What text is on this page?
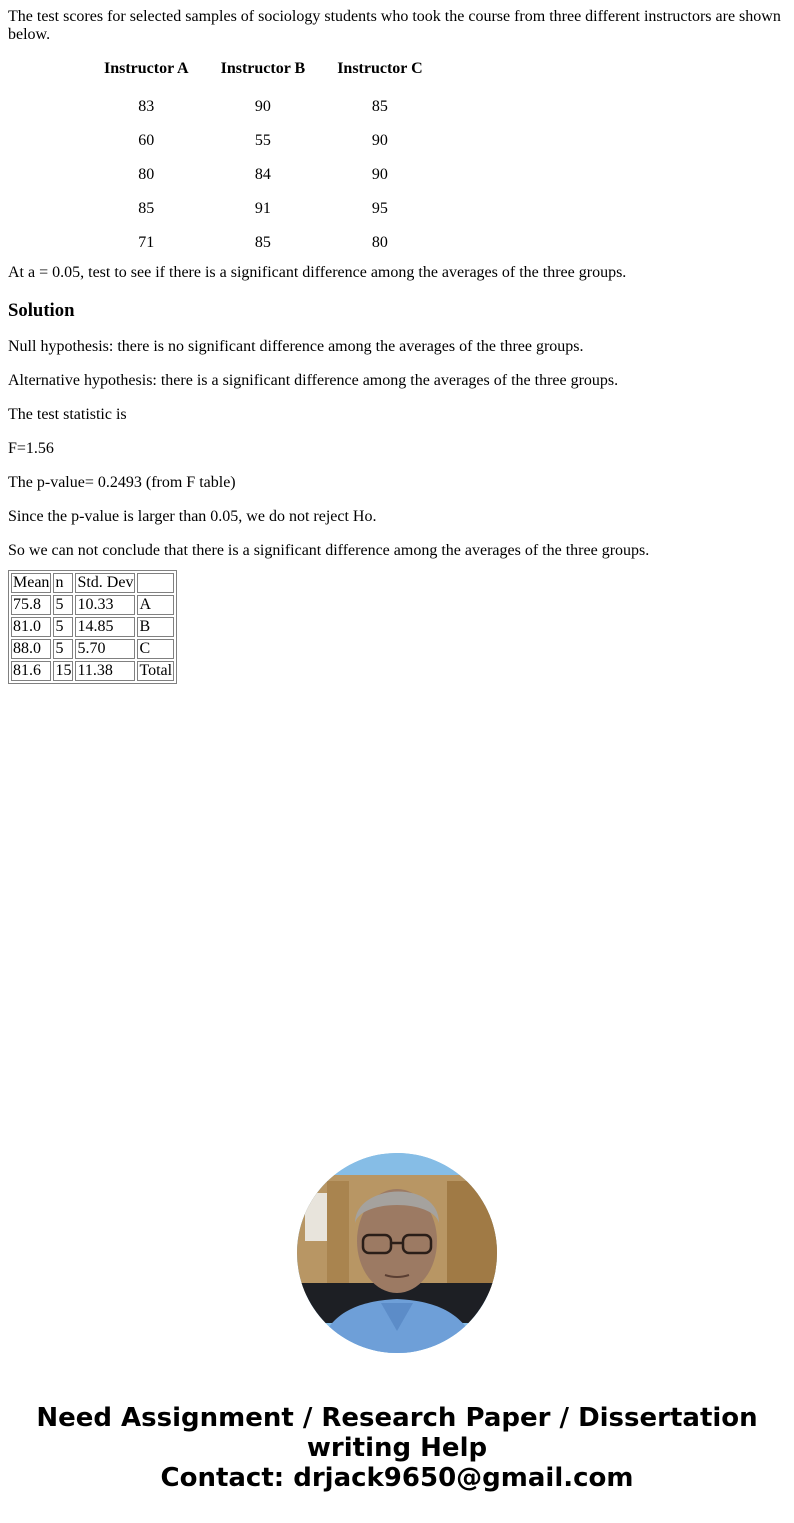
The test scores for selected samples of sociology students who took the course from three different instructors are shown below.

Instructor A	Instructor B	Instructor C
83	90	85
60	55	90
80	84	90
85	91	95
71	85	80

At a = 0.05, test to see if there is a significant difference among the averages of the three groups.

Solution

Null hypothesis: there is no significant difference among the averages of the three groups.

Alternative hypothesis: there is a significant difference among the averages of the three groups.

The test statistic is

F=1.56

The p-value= 0.2493 (from F table)

Since the p-value is larger than 0.05, we do not reject Ho.

So we can not conclude that there is a significant difference among the averages of the three groups.

Mean	n	Std. Dev	
75.8	5	10.33	A
81.0	5	14.85	B
88.0	5	5.70	C
81.6	15	11.38	Total
Need Assignment / Research Paper / Dissertation
writing Help
Contact: drjack9650@gmail.com
